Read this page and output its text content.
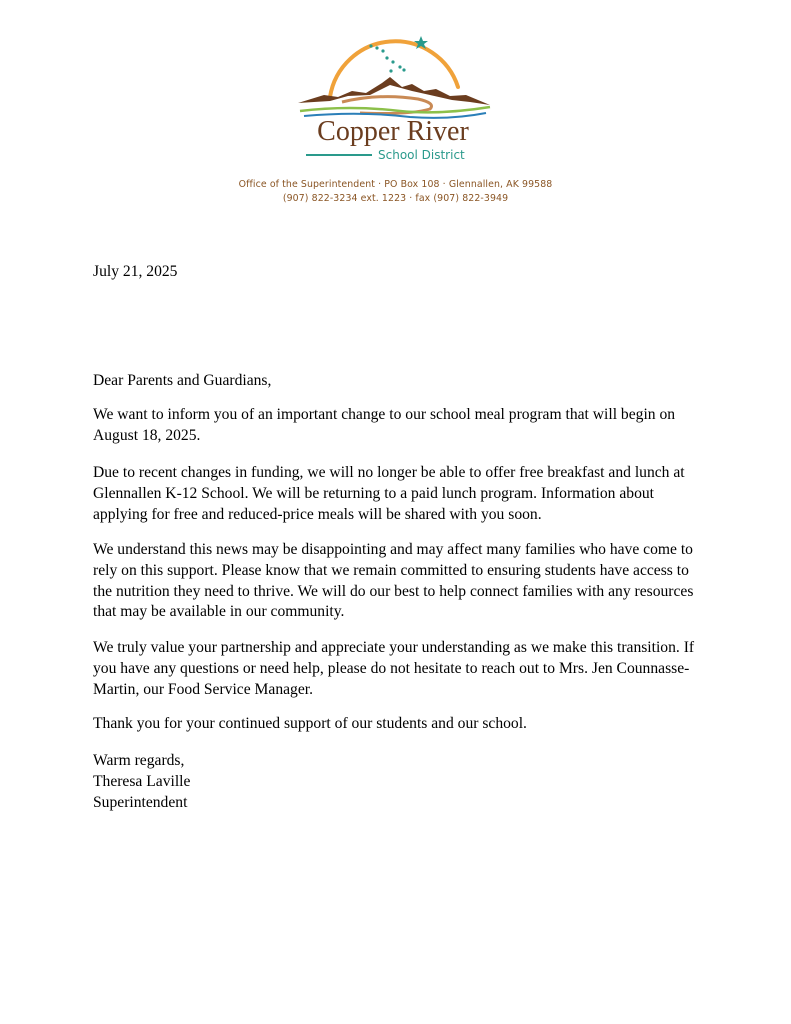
Copper River
School District
Office of the Superintendent · PO Box 108 · Glennallen, AK 99588
(907) 822-3234 ext. 1223 · fax (907) 822-3949

July 21, 2025

Dear Parents and Guardians,

We want to inform you of an important change to our school meal program that will begin on August 18, 2025.

Due to recent changes in funding, we will no longer be able to offer free breakfast and lunch at Glennallen K-12 School. We will be returning to a paid lunch program. Information about applying for free and reduced-price meals will be shared with you soon.

We understand this news may be disappointing and may affect many families who have come to rely on this support. Please know that we remain committed to ensuring students have access to the nutrition they need to thrive. We will do our best to help connect families with any resources that may be available in our community.

We truly value your partnership and appreciate your understanding as we make this transition. If you have any questions or need help, please do not hesitate to reach out to Mrs. Jen Counnasse-Martin, our Food Service Manager.

Thank you for your continued support of our students and our school.

Warm regards,

Theresa Laville

Superintendent
